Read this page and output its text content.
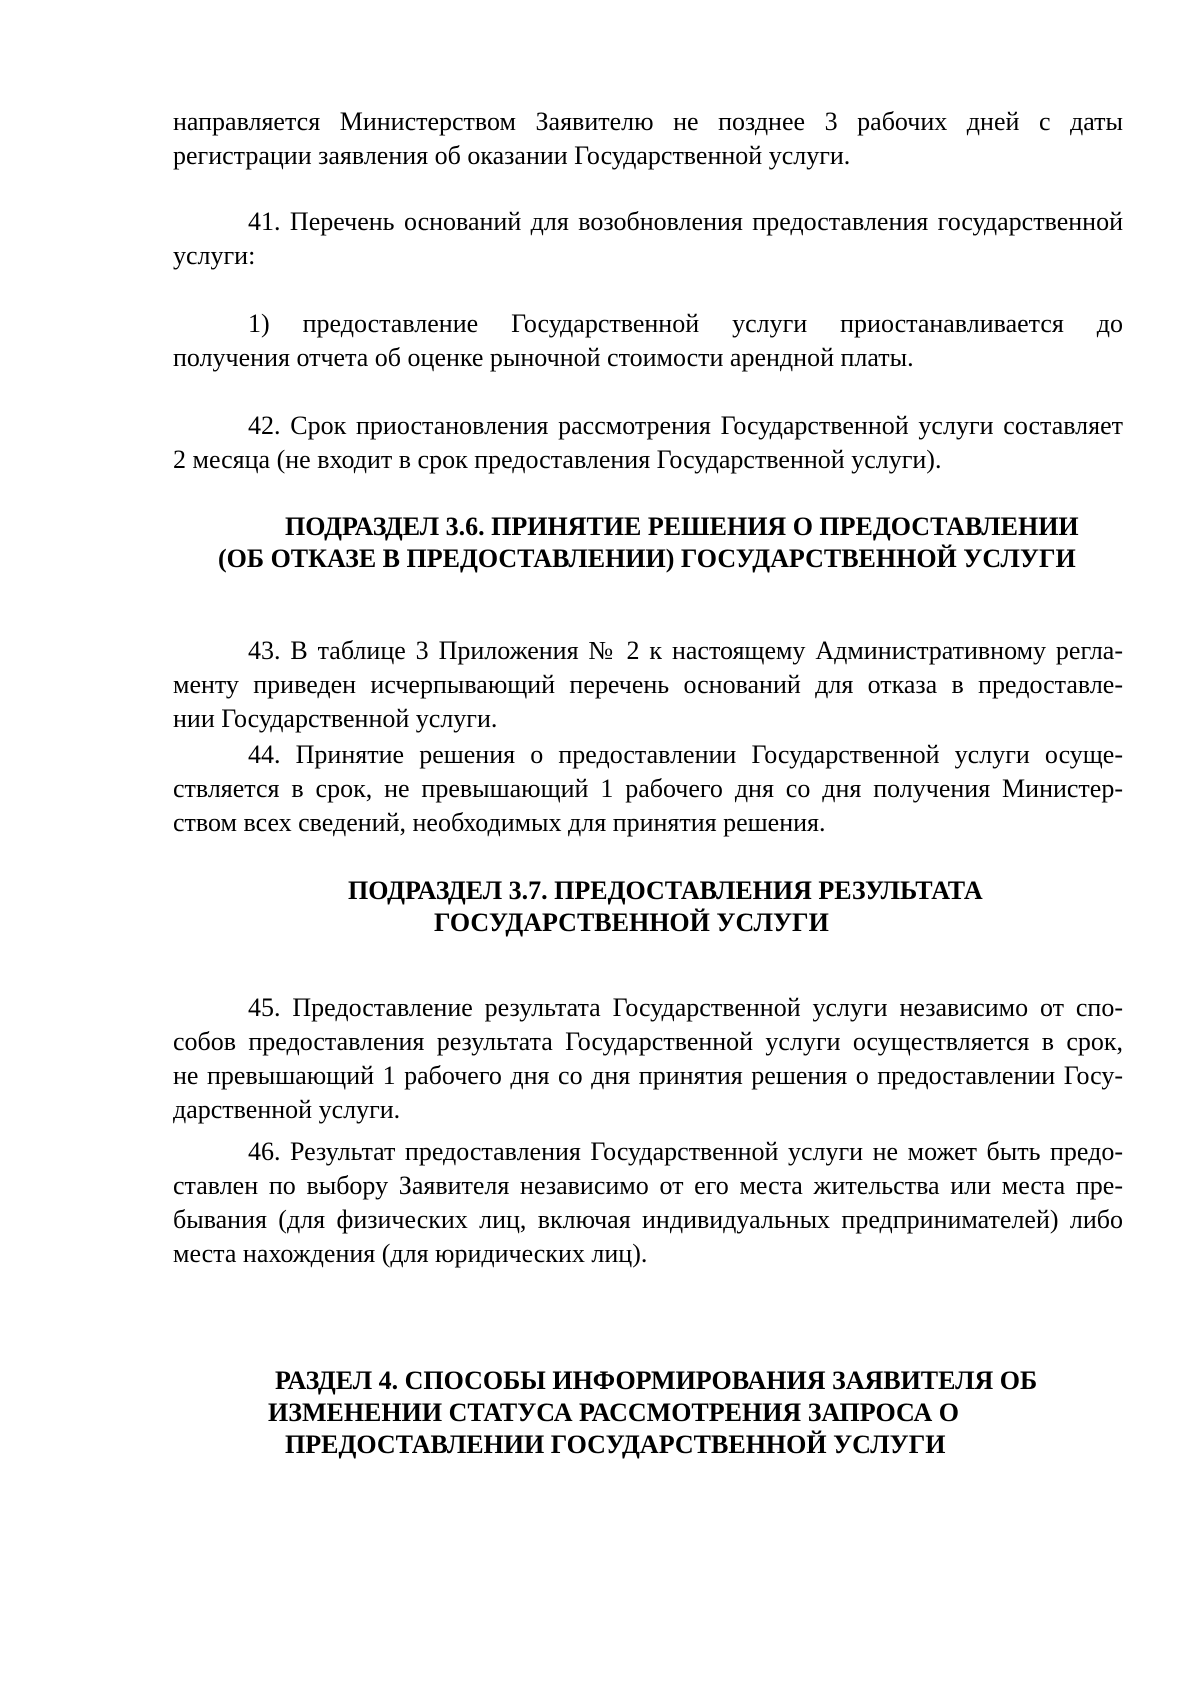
направляется Министерством Заявителю не позднее 3 рабочих дней с даты
регистрации заявления об оказании Государственной услуги.
41. Перечень оснований для возобновления предоставления государственной
услуги:
1) предоставление Государственной услуги приостанавливается до
получения отчета об оценке рыночной стоимости арендной платы.
42. Срок приостановления рассмотрения Государственной услуги составляет
2 месяца (не входит в срок предоставления Государственной услуги).
ПОДРАЗДЕЛ 3.6. ПРИНЯТИЕ РЕШЕНИЯ О ПРЕДОСТАВЛЕНИИ
(ОБ ОТКАЗЕ В ПРЕДОСТАВЛЕНИИ) ГОСУДАРСТВЕННОЙ УСЛУГИ
43. В таблице 3 Приложения № 2 к настоящему Административному регла-
менту приведен исчерпывающий перечень оснований для отказа в предоставле-
нии Государственной услуги.
44. Принятие решения о предоставлении Государственной услуги осуще-
ствляется в срок, не превышающий 1 рабочего дня со дня получения Министер-
ством всех сведений, необходимых для принятия решения.
ПОДРАЗДЕЛ 3.7. ПРЕДОСТАВЛЕНИЯ РЕЗУЛЬТАТА
ГОСУДАРСТВЕННОЙ УСЛУГИ
45. Предоставление результата Государственной услуги независимо от спо-
собов предоставления результата Государственной услуги осуществляется в срок,
не превышающий 1 рабочего дня со дня принятия решения о предоставлении Госу-
дарственной услуги.
46. Результат предоставления Государственной услуги не может быть предо-
ставлен по выбору Заявителя независимо от его места жительства или места пре-
бывания (для физических лиц, включая индивидуальных предпринимателей) либо
места нахождения (для юридических лиц).
РАЗДЕЛ 4. СПОСОБЫ ИНФОРМИРОВАНИЯ ЗАЯВИТЕЛЯ ОБ
ИЗМЕНЕНИИ СТАТУСА РАССМОТРЕНИЯ ЗАПРОСА О
ПРЕДОСТАВЛЕНИИ ГОСУДАРСТВЕННОЙ УСЛУГИ
